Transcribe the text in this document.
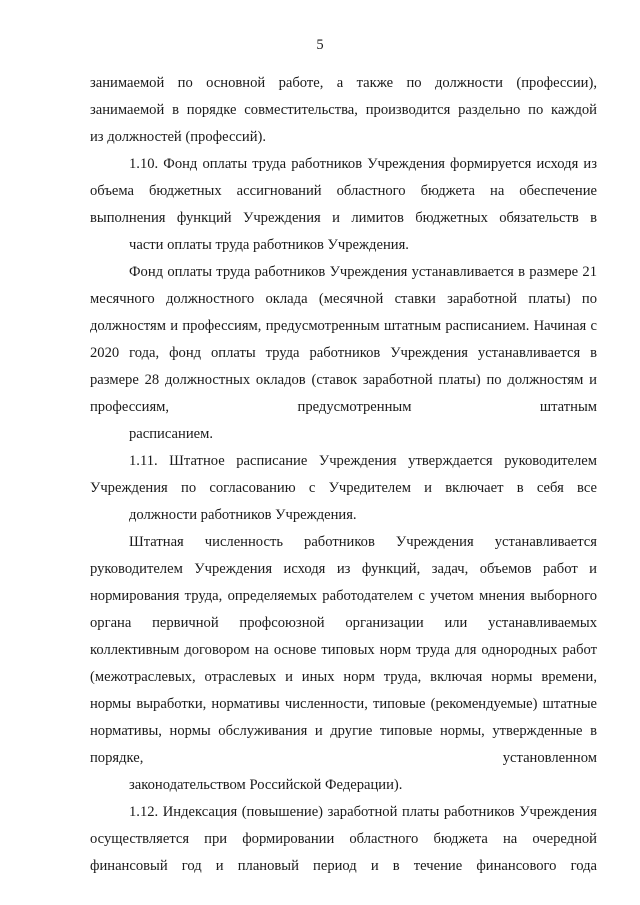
5

занимаемой по основной работе, а также по должности (профессии), занимаемой в порядке совместительства, производится раздельно по каждой
из должностей (профессий).

1.10. Фонд оплаты труда работников Учреждения формируется исходя из объема бюджетных ассигнований областного бюджета на обеспечение выполнения функций Учреждения и лимитов бюджетных обязательств в
части оплаты труда работников Учреждения.

Фонд оплаты труда работников Учреждения устанавливается в размере 21 месячного должностного оклада (месячной ставки заработной платы) по должностям и профессиям, предусмотренным штатным расписанием. Начиная с 2020 года, фонд оплаты труда работников Учреждения устанавливается в размере 28 должностных окладов (ставок заработной платы) по должностям и профессиям, предусмотренным штатным
расписанием.

1.11. Штатное расписание Учреждения утверждается руководителем Учреждения по согласованию с Учредителем и включает в себя все
должности работников Учреждения.

Штатная численность работников Учреждения устанавливается руководителем Учреждения исходя из функций, задач, объемов работ и нормирования труда, определяемых работодателем с учетом мнения выборного органа первичной профсоюзной организации или устанавливаемых коллективным договором на основе типовых норм труда для однородных работ (межотраслевых, отраслевых и иных норм труда, включая нормы времени, нормы выработки, нормативы численности, типовые (рекомендуемые) штатные нормативы, нормы обслуживания и другие типовые нормы, утвержденные в порядке, установленном
законодательством Российской Федерации).

1.12. Индексация (повышение) заработной платы работников Учреждения осуществляется при формировании областного бюджета на очередной финансовый год и плановый период и в течение финансового года
